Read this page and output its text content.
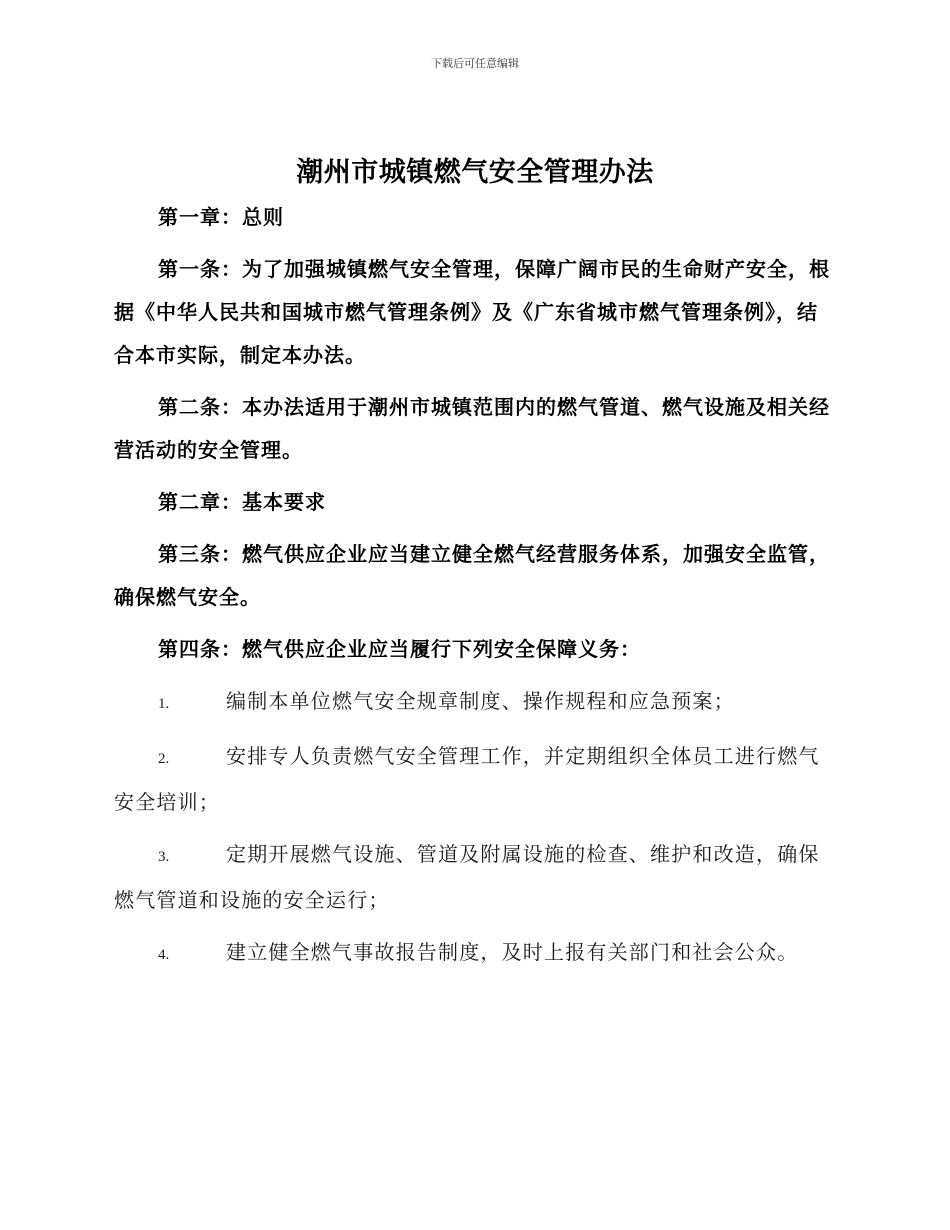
下载后可任意编辑
潮州市城镇燃气安全管理办法

第一章：总则

第一条：为了加强城镇燃气安全管理，保障广阔市民的生命财产安全，根据《中华人民共和国城市燃气管理条例》及《广东省城市燃气管理条例》，结合本市实际，制定本办法。

第二条：本办法适用于潮州市城镇范围内的燃气管道、燃气设施及相关经营活动的安全管理。

第二章：基本要求

第三条：燃气供应企业应当建立健全燃气经营服务体系，加强安全监管，确保燃气安全。

第四条：燃气供应企业应当履行下列安全保障义务：

1.	编制本单位燃气安全规章制度、操作规程和应急预案；
2.	安排专人负责燃气安全管理工作，并定期组织全体员工进行燃气安全培训；
3.	定期开展燃气设施、管道及附属设施的检查、维护和改造，确保燃气管道和设施的安全运行；
4.	建立健全燃气事故报告制度，及时上报有关部门和社会公众。
